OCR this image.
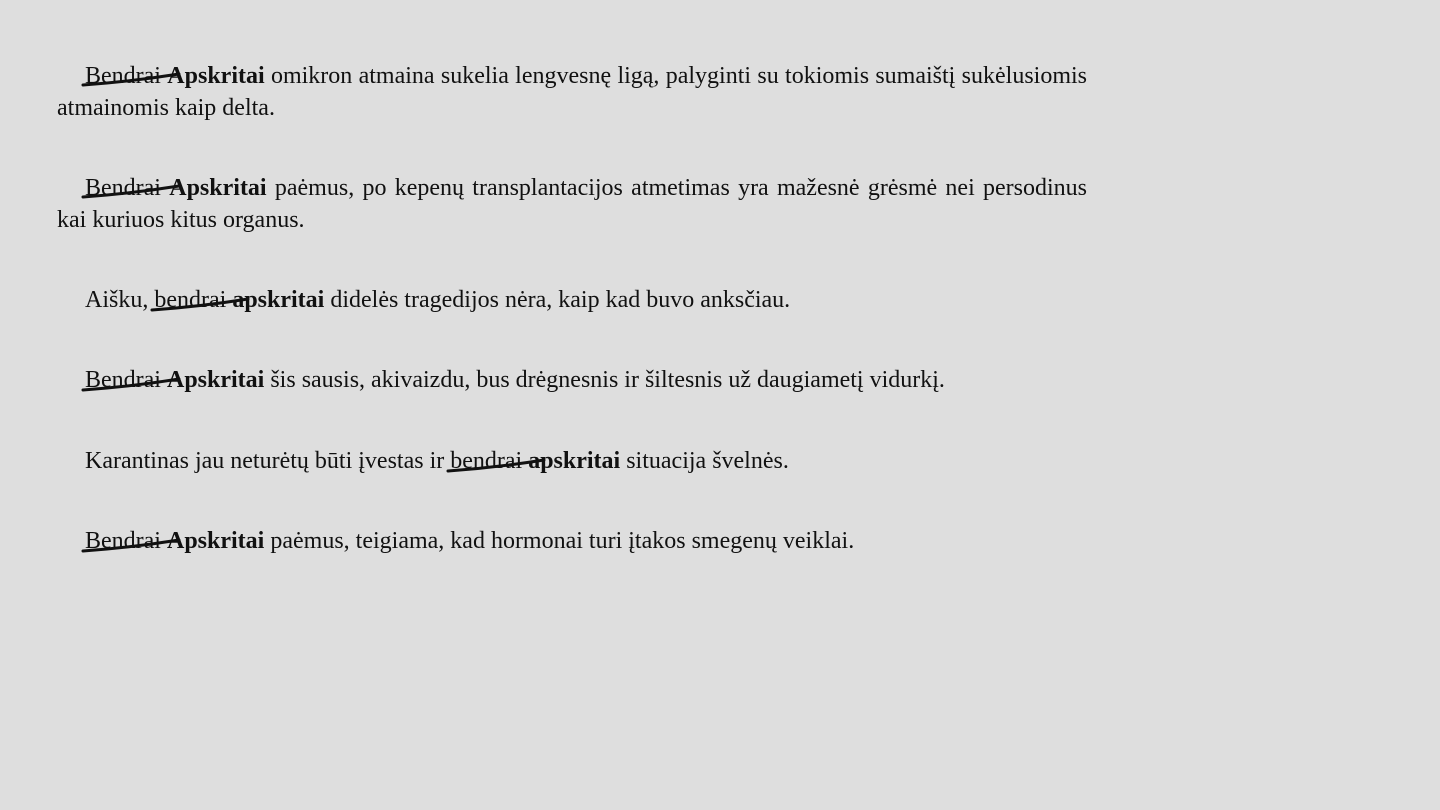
Bendrai Apskritai omikron atmaina sukelia lengvesnę ligą, palyginti su tokiomis sumaištį sukėlusiomis atmainomis kaip delta.

Bendrai Apskritai paėmus, po kepenų transplantacijos atmetimas yra mažesnė grėsmė nei persodinus kai kuriuos kitus organus.

Aišku, bendrai apskritai didelės tragedijos nėra, kaip kad buvo anksčiau.

Bendrai Apskritai šis sausis, akivaizdu, bus drėgnesnis ir šiltesnis už daugiametį vidurkį.

Karantinas jau neturėtų būti įvestas ir bendrai apskritai situacija švelnės.

Bendrai Apskritai paėmus, teigiama, kad hormonai turi įtakos smegenų veiklai.
